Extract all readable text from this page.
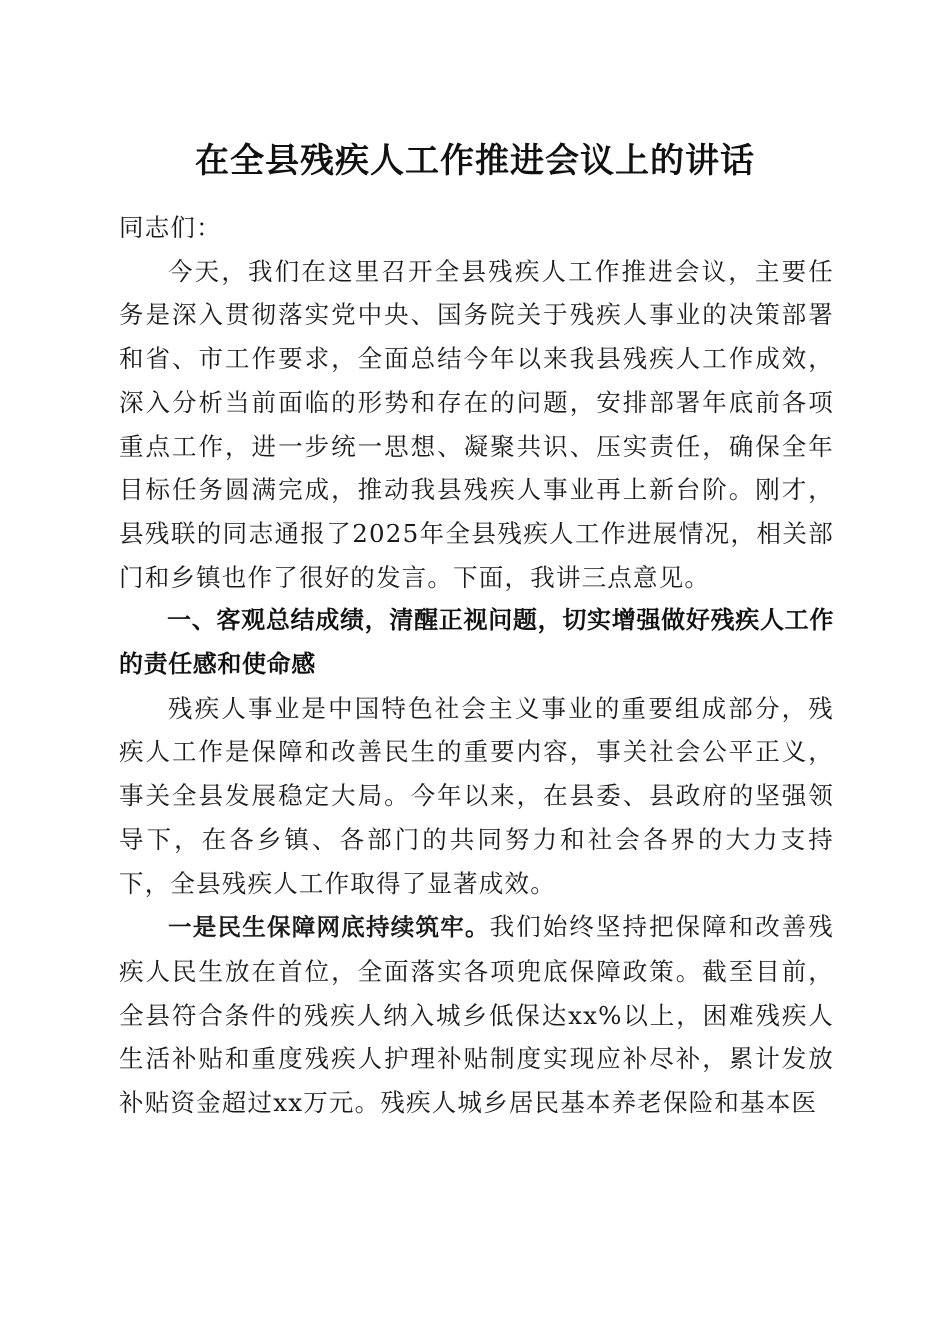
在全县残疾人工作推进会议上的讲话

同志们：

今天，我们在这里召开全县残疾人工作推进会议，主要任务是深入贯彻落实党中央、国务院关于残疾人事业的决策部署和省、市工作要求，全面总结今年以来我县残疾人工作成效，深入分析当前面临的形势和存在的问题，安排部署年底前各项重点工作，进一步统一思想、凝聚共识、压实责任，确保全年目标任务圆满完成，推动我县残疾人事业再上新台阶。刚才，县残联的同志通报了2025年全县残疾人工作进展情况，相关部门和乡镇也作了很好的发言。下面，我讲三点意见。

一、客观总结成绩，清醒正视问题，切实增强做好残疾人工作的责任感和使命感

残疾人事业是中国特色社会主义事业的重要组成部分，残疾人工作是保障和改善民生的重要内容，事关社会公平正义，事关全县发展稳定大局。今年以来，在县委、县政府的坚强领导下，在各乡镇、各部门的共同努力和社会各界的大力支持下，全县残疾人工作取得了显著成效。

一是民生保障网底持续筑牢。我们始终坚持把保障和改善残疾人民生放在首位，全面落实各项兜底保障政策。截至目前，全县符合条件的残疾人纳入城乡低保达xx%以上，困难残疾人生活补贴和重度残疾人护理补贴制度实现应补尽补，累计发放补贴资金超过xx万元。残疾人城乡居民基本养老保险和基本医
